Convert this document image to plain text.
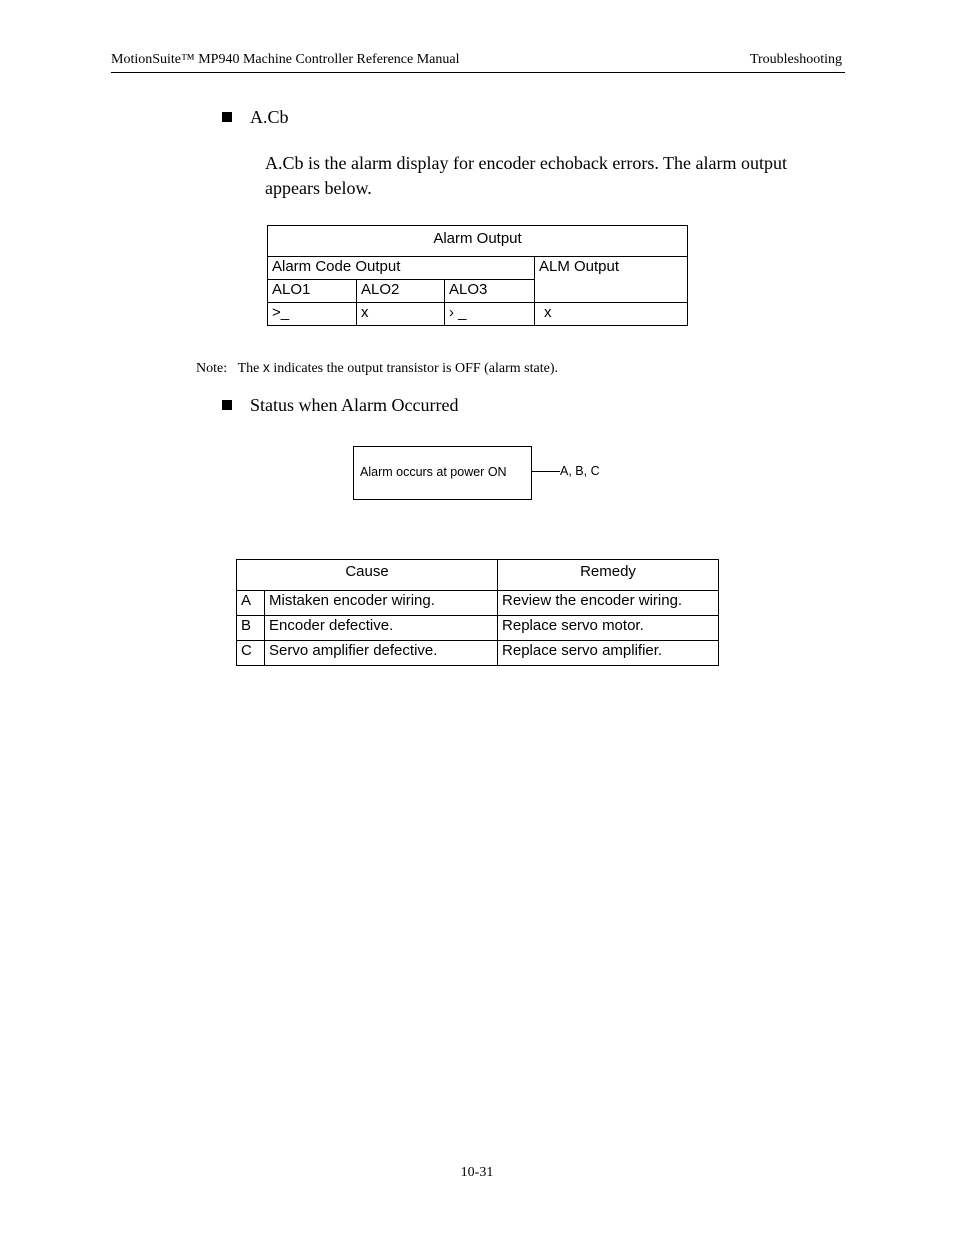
MotionSuite™ MP940 Machine Controller Reference Manual	Troubleshooting
A.Cb
A.Cb is the alarm display for encoder echoback errors. The alarm output appears below.
Alarm Output			
Alarm Code Output			ALM Output
ALO1	ALO2	ALO3	
>_	x	› _	x
Note: The x indicates the output transistor is OFF (alarm state).
Status when Alarm Occurred
Alarm occurs at power ON	A, B, C
Cause		Remedy
A	Mistaken encoder wiring.	Review the encoder wiring.
B	Encoder defective.	Replace servo motor.
C	Servo amplifier defective.	Replace servo amplifier.
10-31
